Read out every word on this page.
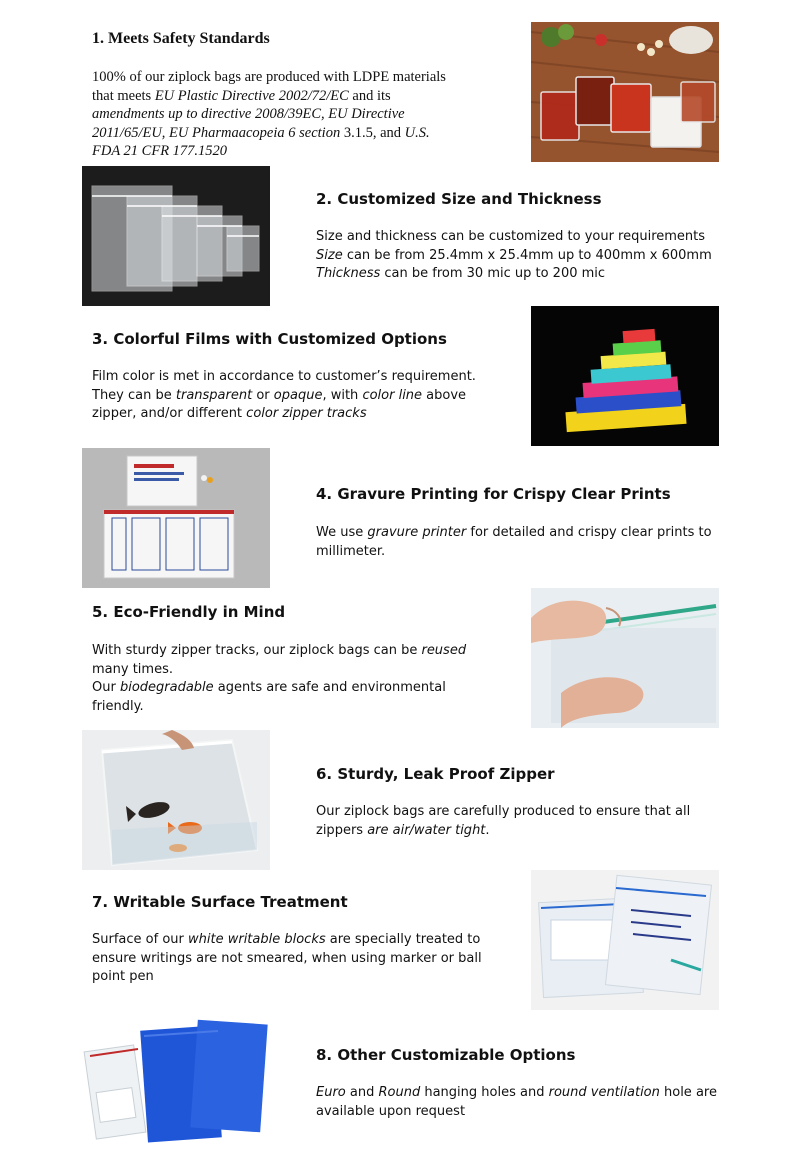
1. Meets Safety Standards
100% of our ziplock bags are produced with LDPE materials
that meets EU Plastic Directive 2002/72/EC and its
amendments up to directive 2008/39EC, EU Directive
2011/65/EU, EU Pharmaacopeia 6 section 3.1.5, and U.S.
FDA 21 CFR 177.1520
2. Customized Size and Thickness
Size and thickness can be customized to your requirements
Size can be from 25.4mm x 25.4mm up to 400mm x 600mm
Thickness can be from 30 mic up to 200 mic
3. Colorful Films with Customized Options
Film color is met in accordance to customer’s requirement.
They can be transparent or opaque, with color line above
zipper, and/or different color zipper tracks
4. Gravure Printing for Crispy Clear Prints
We use gravure printer for detailed and crispy clear prints to
millimeter.
5. Eco-Friendly in Mind
With sturdy zipper tracks, our ziplock bags can be reused
many times.
Our biodegradable agents are safe and environmental
friendly.
6. Sturdy, Leak Proof Zipper
Our ziplock bags are carefully produced to ensure that all
zippers are air/water tight.
7. Writable Surface Treatment
Surface of our white writable blocks are specially treated to
ensure writings are not smeared, when using marker or ball
point pen
8. Other Customizable Options
Euro and Round hanging holes and round ventilation hole are
available upon request
